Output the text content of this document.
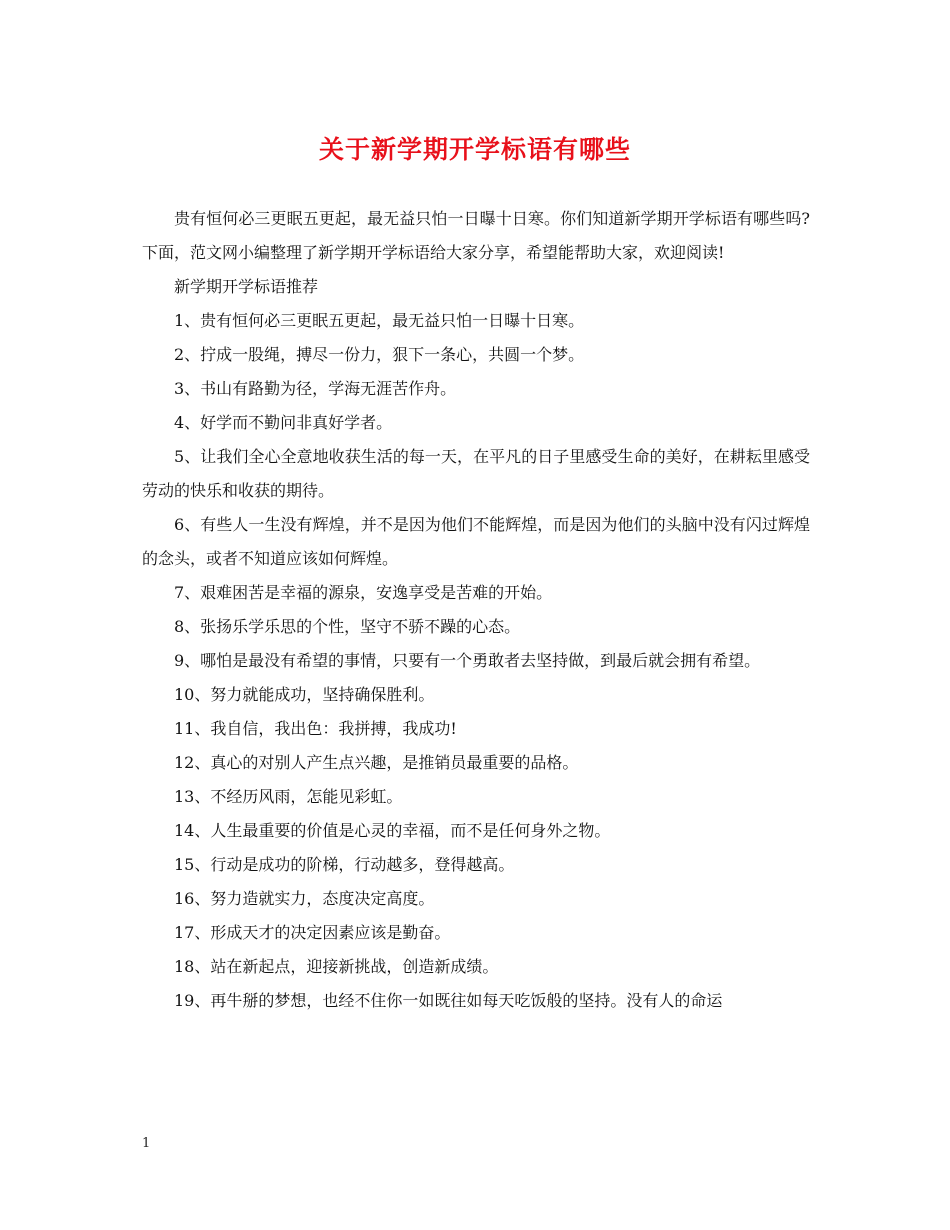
关于新学期开学标语有哪些

贵有恒何必三更眠五更起，最无益只怕一日曝十日寒。你们知道新学期开学标语有哪些吗?下面，范文网小编整理了新学期开学标语给大家分享，希望能帮助大家，欢迎阅读!

新学期开学标语推荐

1、贵有恒何必三更眠五更起，最无益只怕一日曝十日寒。

2、拧成一股绳，搏尽一份力，狠下一条心，共圆一个梦。

3、书山有路勤为径，学海无涯苦作舟。

4、好学而不勤问非真好学者。

5、让我们全心全意地收获生活的每一天，在平凡的日子里感受生命的美好，在耕耘里感受劳动的快乐和收获的期待。

6、有些人一生没有辉煌，并不是因为他们不能辉煌，而是因为他们的头脑中没有闪过辉煌的念头，或者不知道应该如何辉煌。

7、艰难困苦是幸福的源泉，安逸享受是苦难的开始。

8、张扬乐学乐思的个性，坚守不骄不躁的心态。

9、哪怕是最没有希望的事情，只要有一个勇敢者去坚持做，到最后就会拥有希望。

10、努力就能成功，坚持确保胜利。

11、我自信，我出色：我拼搏，我成功!

12、真心的对别人产生点兴趣，是推销员最重要的品格。

13、不经历风雨，怎能见彩虹。

14、人生最重要的价值是心灵的幸福，而不是任何身外之物。

15、行动是成功的阶梯，行动越多，登得越高。

16、努力造就实力，态度决定高度。

17、形成天才的决定因素应该是勤奋。

18、站在新起点，迎接新挑战，创造新成绩。

19、再牛掰的梦想，也经不住你一如既往如每天吃饭般的坚持。没有人的命运

1
